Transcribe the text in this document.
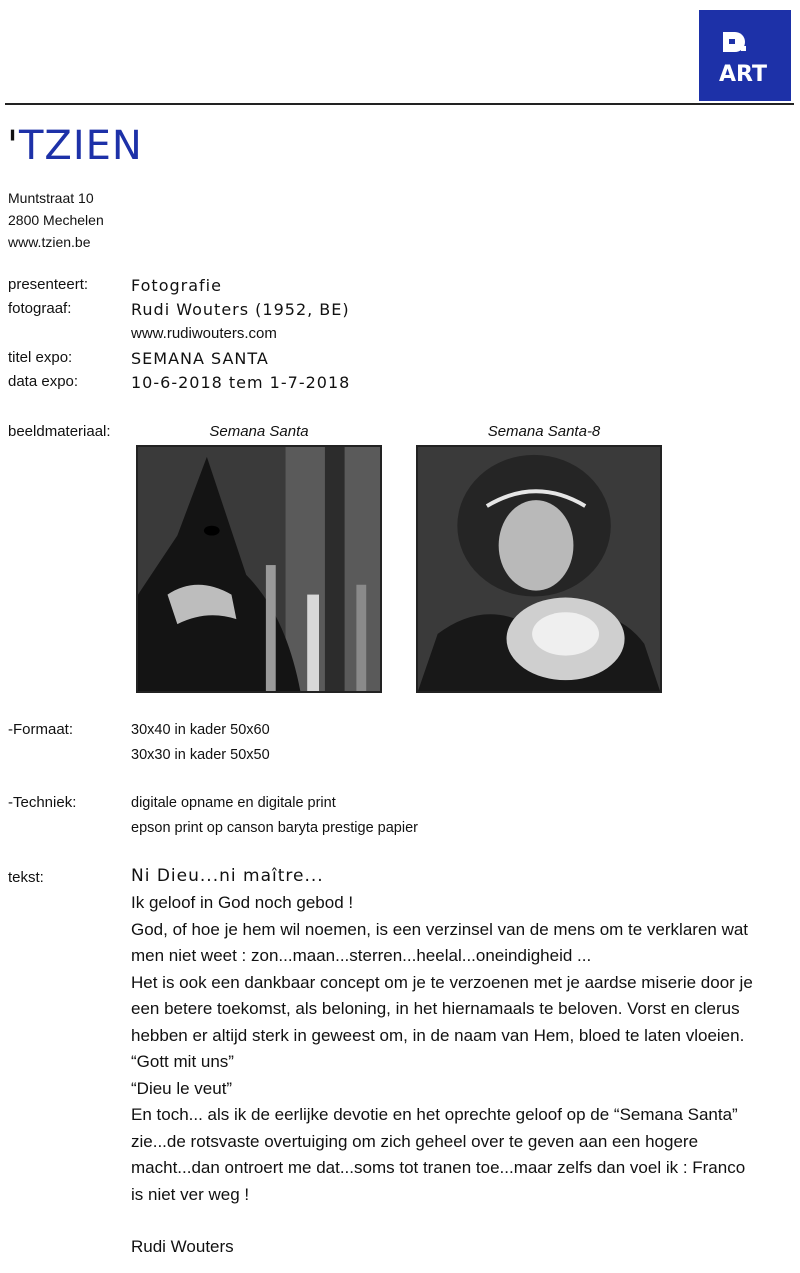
ART
'TZIEN
Muntstraat 10
2800 Mechelen
www.tzien.be
presenteert:	Fotografie
fotograaf:	Rudi Wouters (1952, BE)
www.rudiwouters.com
titel expo:	SEMANA SANTA
data expo:	10-6-2018 tem 1-7-2018
beeldmateriaal:	Semana Santa	Semana Santa-8
-Formaat:	30x40 in kader 50x60
30x30 in kader 50x50
-Techniek:	digitale opname en digitale print
epson print op canson baryta prestige papier
tekst:	Ni Dieu...ni maître...

Ik geloof in God noch gebod !

God, of hoe je hem wil noemen, is een verzinsel van de mens om te verklaren wat

men niet weet : zon...maan...sterren...heelal...oneindigheid ...

Het is ook een dankbaar concept om je te verzoenen met je aardse miserie door je

een betere toekomst, als beloning, in het hiernamaals te beloven. Vorst en clerus

hebben er altijd sterk in geweest om, in de naam van Hem, bloed te laten vloeien.

“Gott mit uns”

“Dieu le veut”

En toch... als ik de eerlijke devotie en het oprechte geloof op de “Semana Santa”

zie...de rotsvaste overtuiging om zich geheel over te geven aan een hogere

macht...dan ontroert me dat...soms tot tranen toe...maar zelfs dan voel ik : Franco

is niet ver weg !

Rudi Wouters
